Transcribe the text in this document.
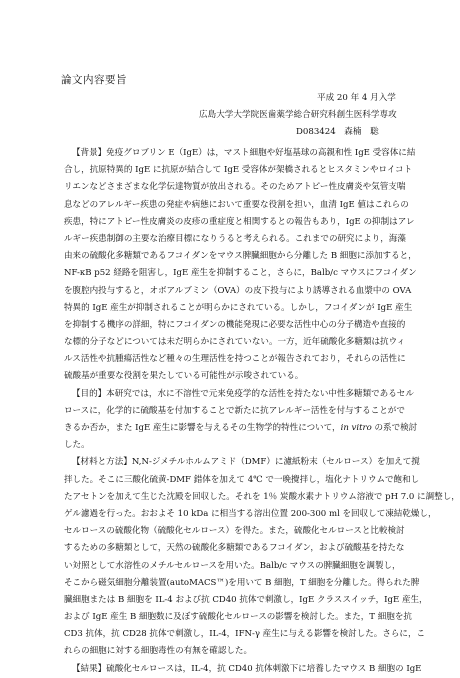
論文内容要旨
平成 20 年 4 月入学
広島大学大学院医歯薬学総合研究科創生医科学専攻
D083424　森楠　聡
【背景】免疫グロブリン E（IgE）は，マスト細胞や好塩基球の高親和性 IgE 受容体に結
合し，抗原特異的 IgE に抗原が結合して IgE 受容体が架橋されるとヒスタミンやロイコト
リエンなどさまざまな化学伝達物質が放出される。そのためアトピー性皮膚炎や気管支喘
息などのアレルギー疾患の発症や病態において重要な役割を担い，血清 IgE 値はこれらの
疾患，特にアトピー性皮膚炎の皮疹の重症度と相関するとの報告もあり，IgE の抑制はアレ
ルギー疾患制御の主要な治療目標になりうると考えられる。これまでの研究により，海藻
由来の硫酸化多糖類であるフコイダンをマウス脾臓細胞から分離した B 細胞に添加すると，
NF-κB p52 経路を阻害し，IgE 産生を抑制すること，さらに，Balb/c マウスにフコイダン
を腹腔内投与すると，オボアルブミン（OVA）の皮下投与により誘導される血漿中の OVA
特異的 IgE 産生が抑制されることが明らかにされている。しかし，フコイダンが IgE 産生
を抑制する機序の詳細，特にフコイダンの機能発現に必要な活性中心の分子構造や直接的
な標的分子などについては未だ明らかにされていない。一方，近年硫酸化多糖類は抗ウィ
ルス活性や抗腫瘍活性など種々の生理活性を持つことが報告されており，それらの活性に
硫酸基が重要な役割を果たしている可能性が示唆されている。
【目的】本研究では，水に不溶性で元来免疫学的な活性を持たない中性多糖類であるセル
ロースに，化学的に硫酸基を付加することで新たに抗アレルギー活性を付与することがで
きるか否か，また IgE 産生に影響を与えるその生物学的特性について，in vitro の系で検討
した。
【材料と方法】N,N-ジメチルホルムアミド（DMF）に濾紙粉末（セルロース）を加えて撹
拌した。そこに三酸化硫黄-DMF 錯体を加えて 4℃ で一晩攪拌し，塩化ナトリウムで飽和し
たアセトンを加えて生じた沈殿を回収した。それを 1％ 炭酸水素ナトリウム溶液で pH 7.0 に調整し，
ゲル濾過を行った。おおよそ 10 kDa に相当する溶出位置 200-300 ml を回収して凍結乾燥し，
セルロースの硫酸化物（硫酸化セルロース）を得た。また，硫酸化セルロースと比較検討
するための多糖類として，天然の硫酸化多糖類であるフコイダン，および硫酸基を持たな
い対照として水溶性のメチルセルロースを用いた。Balb/c マウスの脾臓細胞を調製し，
そこから磁気細胞分離装置(autoMACS™)を用いて B 細胞，T 細胞を分離した。得られた脾
臓細胞または B 細胞を IL-4 および抗 CD40 抗体で刺激し，IgE クラススイッチ，IgE 産生，
および IgE 産生 B 細胞数に及ぼす硫酸化セルロースの影響を検討した。また，T 細胞を抗
CD3 抗体，抗 CD28 抗体で刺激し，IL-4，IFN-γ 産生に与える影響を検討した。さらに，こ
れらの細胞に対する細胞毒性の有無を確認した。
【結果】硫酸化セルロースは，IL-4，抗 CD40 抗体刺激下に培養したマウス B 細胞の IgE
